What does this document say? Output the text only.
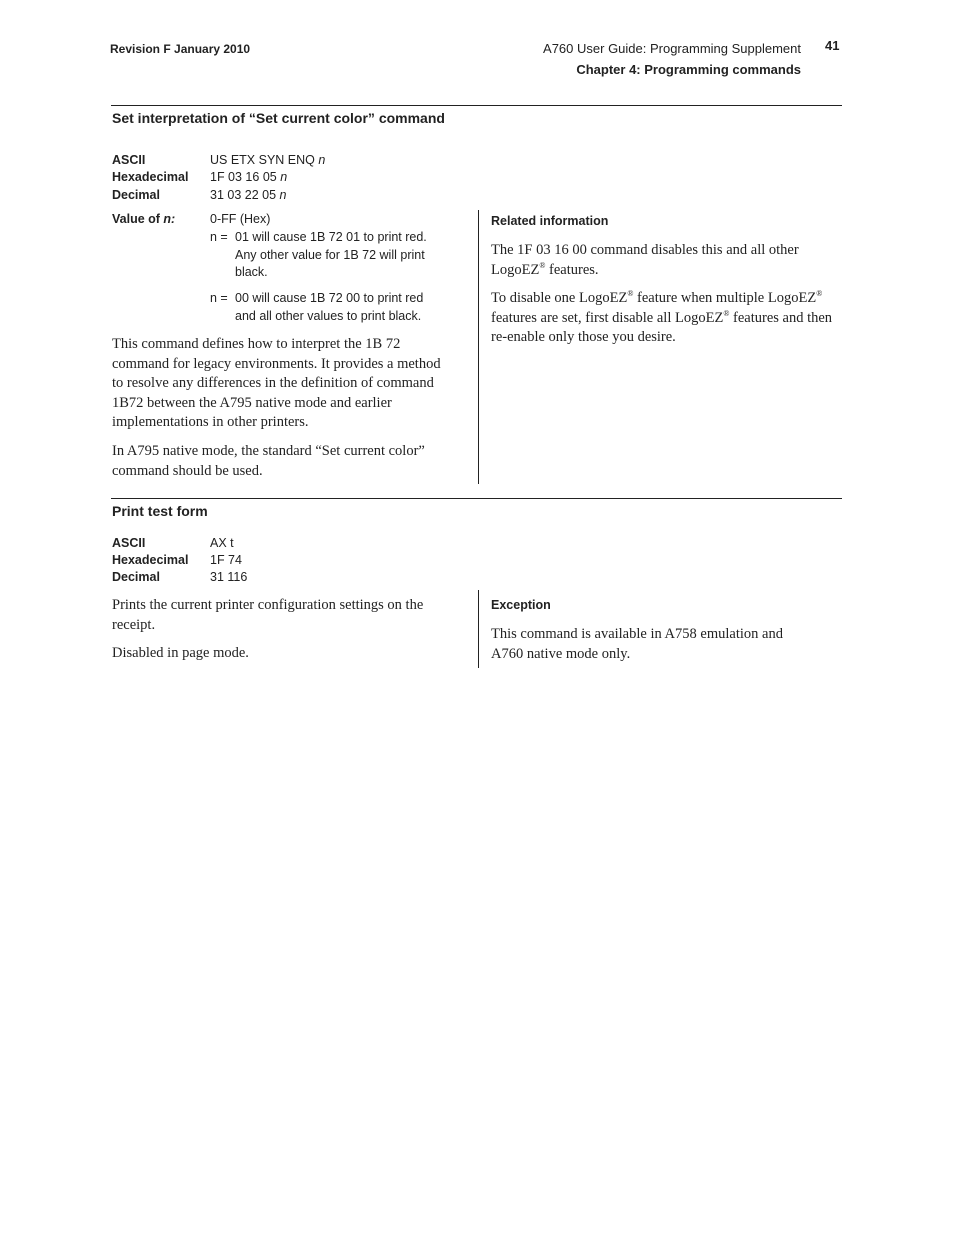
Revision F January 2010	A760 User Guide: Programming Supplement
Chapter 4: Programming commands
41
Set interpretation of “Set current color” command
ASCII	US ETX SYN ENQ n
Hexadecimal 1F 03 16 05 n
Decimal	31 03 22 05 n
Value of n:	0-FF (Hex)
n = 01 will cause 1B 72 01 to print red. Any other value for 1B 72 will print black.
n = 00 will cause 1B 72 00 to print red and all other values to print black.
This command defines how to interpret the 1B 72 command for legacy environments. It provides a method to resolve any differences in the definition of command 1B72 between the A795 native mode and earlier implementations in other printers.
In A795 native mode, the standard “Set current color” command should be used.
Related information
The 1F 03 16 00 command disables this and all other LogoEZ® features.
To disable one LogoEZ® feature when multiple LogoEZ® features are set, first disable all LogoEZ® features and then re-enable only those you desire.
Print test form
ASCII	AX t
Hexadecimal 1F 74
Decimal	31 116
Prints the current printer configuration settings on the receipt.
Disabled in page mode.
Exception
This command is available in A758 emulation and A760 native mode only.
